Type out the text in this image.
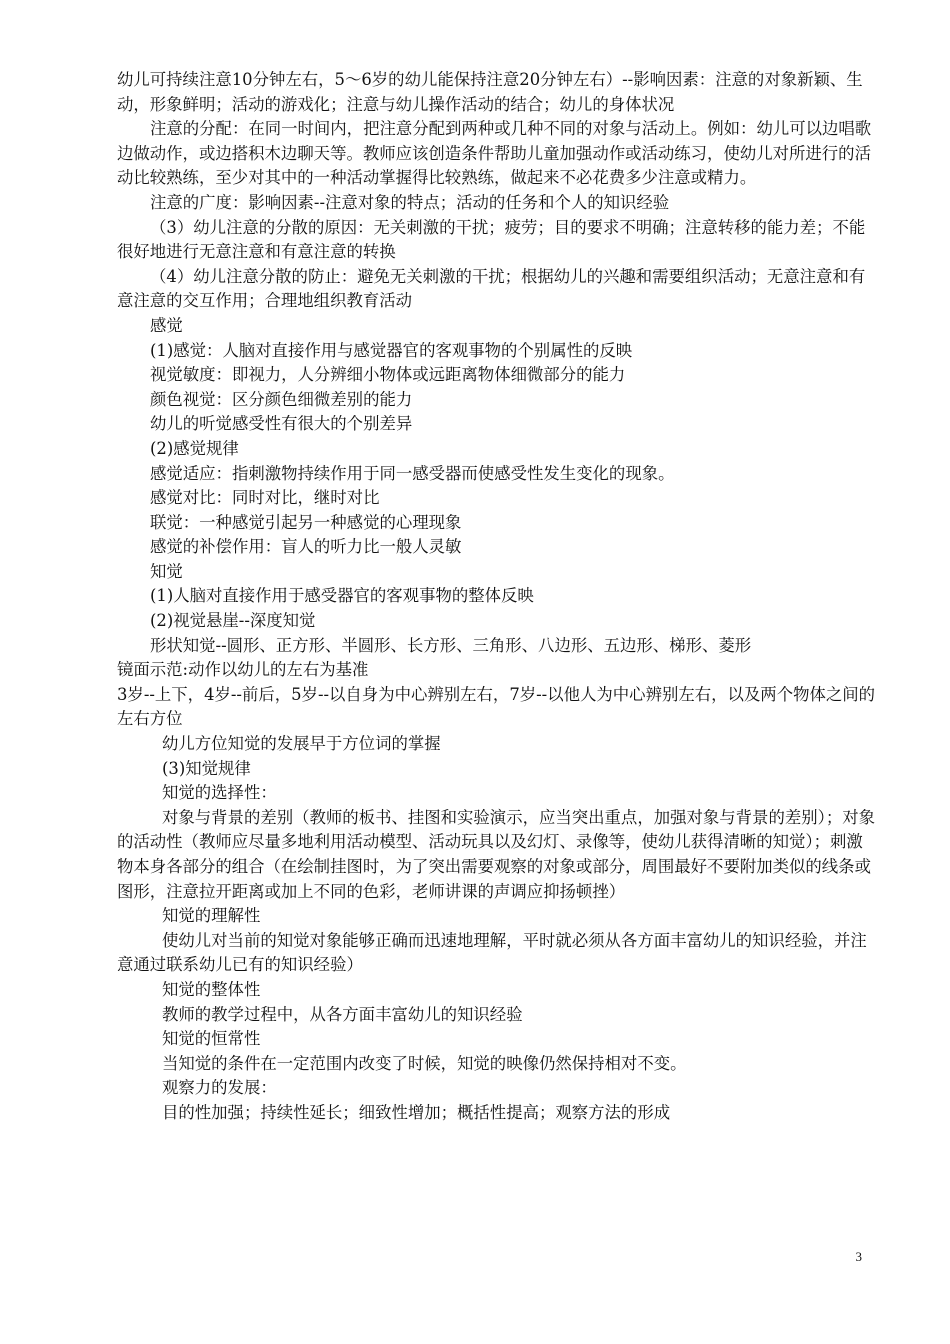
幼儿可持续注意10分钟左右，5～6岁的幼儿能保持注意20分钟左右）--影响因素：注意的对象新颖、生动，形象鲜明；活动的游戏化；注意与幼儿操作活动的结合；幼儿的身体状况

注意的分配：在同一时间内，把注意分配到两种或几种不同的对象与活动上。例如：幼儿可以边唱歌边做动作，或边搭积木边聊天等。教师应该创造条件帮助儿童加强动作或活动练习，使幼儿对所进行的活动比较熟练，至少对其中的一种活动掌握得比较熟练，做起来不必花费多少注意或精力。

注意的广度：影响因素--注意对象的特点；活动的任务和个人的知识经验

（3）幼儿注意的分散的原因：无关刺激的干扰；疲劳；目的要求不明确；注意转移的能力差；不能很好地进行无意注意和有意注意的转换

（4）幼儿注意分散的防止：避免无关刺激的干扰；根据幼儿的兴趣和需要组织活动；无意注意和有意注意的交互作用；合理地组织教育活动

感觉

(1)感觉：人脑对直接作用与感觉器官的客观事物的个别属性的反映

视觉敏度：即视力，人分辨细小物体或远距离物体细微部分的能力

颜色视觉：区分颜色细微差别的能力

幼儿的听觉感受性有很大的个别差异

(2)感觉规律

感觉适应：指刺激物持续作用于同一感受器而使感受性发生变化的现象。

感觉对比：同时对比，继时对比

联觉：一种感觉引起另一种感觉的心理现象

感觉的补偿作用：盲人的听力比一般人灵敏

知觉

(1)人脑对直接作用于感受器官的客观事物的整体反映

(2)视觉悬崖--深度知觉

形状知觉--圆形、正方形、半圆形、长方形、三角形、八边形、五边形、梯形、菱形

镜面示范:动作以幼儿的左右为基准

3岁--上下，4岁--前后，5岁--以自身为中心辨别左右，7岁--以他人为中心辨别左右，以及两个物体之间的左右方位

幼儿方位知觉的发展早于方位词的掌握

(3)知觉规律

知觉的选择性：

对象与背景的差别（教师的板书、挂图和实验演示，应当突出重点，加强对象与背景的差别）；对象的活动性（教师应尽量多地利用活动模型、活动玩具以及幻灯、录像等，使幼儿获得清晰的知觉）；刺激物本身各部分的组合（在绘制挂图时，为了突出需要观察的对象或部分，周围最好不要附加类似的线条或图形，注意拉开距离或加上不同的色彩，老师讲课的声调应抑扬顿挫）

知觉的理解性

使幼儿对当前的知觉对象能够正确而迅速地理解，平时就必须从各方面丰富幼儿的知识经验，并注意通过联系幼儿已有的知识经验）

知觉的整体性

教师的教学过程中，从各方面丰富幼儿的知识经验

知觉的恒常性

当知觉的条件在一定范围内改变了时候，知觉的映像仍然保持相对不变。

观察力的发展：

目的性加强；持续性延长；细致性增加；概括性提高；观察方法的形成

3
